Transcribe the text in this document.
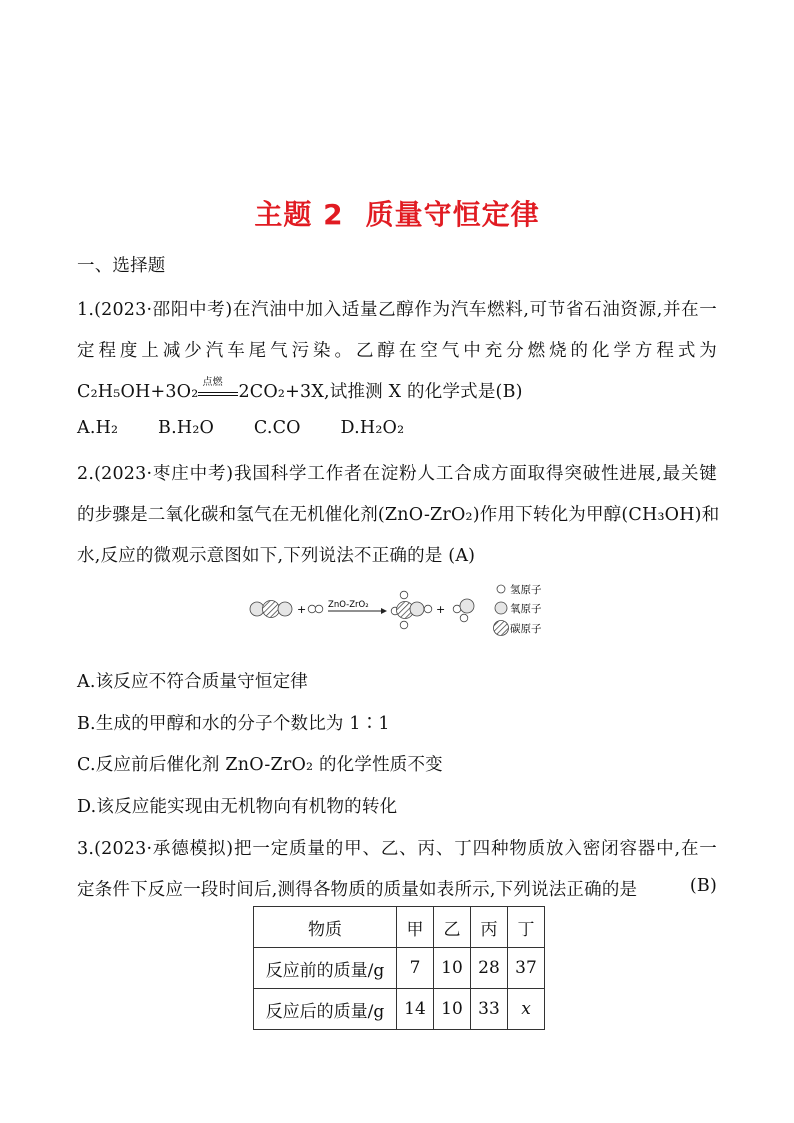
主题 2 质量守恒定律
一、选择题
1.(2023·邵阳中考)在汽油中加入适量乙醇作为汽车燃料,可节省石油资源,并在一
定程度上减少汽车尾气污染。乙醇在空气中充分燃烧的化学方程式为
C₂H₅OH+3O₂ 点燃 2CO₂+3X,试推测 X 的化学式是(B)
A.H₂ B.H₂O C.CO D.H₂O₂
2.(2023·枣庄中考)我国科学工作者在淀粉人工合成方面取得突破性进展,最关键
的步骤是二氧化碳和氢气在无机催化剂(ZnO-ZrO₂)作用下转化为甲醇(CH₃OH)和
水,反应的微观示意图如下,下列说法不正确的是 (A)
+	ZnO-ZrO₂	+
氢原子
氧原子
碳原子
A.该反应不符合质量守恒定律
B.生成的甲醇和水的分子个数比为 1∶1
C.反应前后催化剂 ZnO-ZrO₂ 的化学性质不变
D.该反应能实现由无机物向有机物的转化
3.(2023·承德模拟)把一定质量的甲、乙、丙、丁四种物质放入密闭容器中,在一
定条件下反应一段时间后,测得各物质的质量如表所示,下列说法正确的是	(B)
物质	甲	乙	丙	丁
反应前的质量/g	7	10	28	37
反应后的质量/g	14	10	33	x
